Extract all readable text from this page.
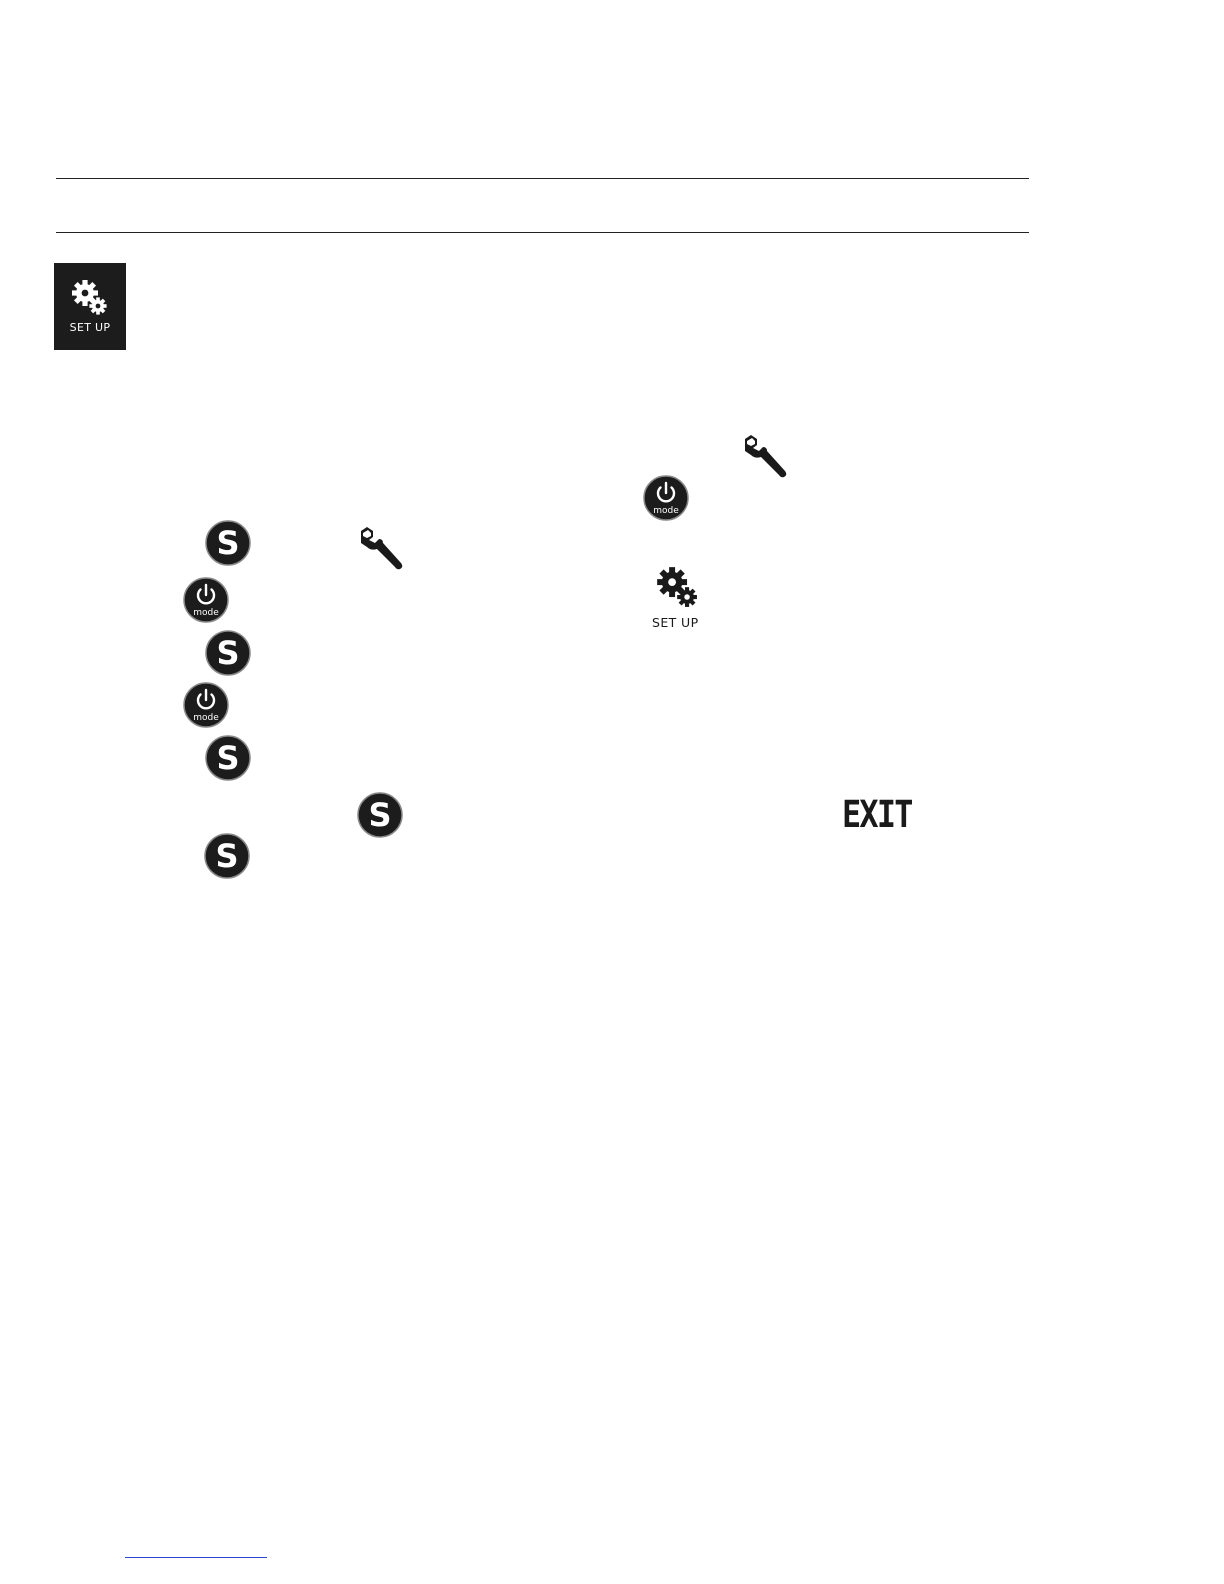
SET UP
mode
mode
mode
S
S
S
S
S
SET UP
EXIT
